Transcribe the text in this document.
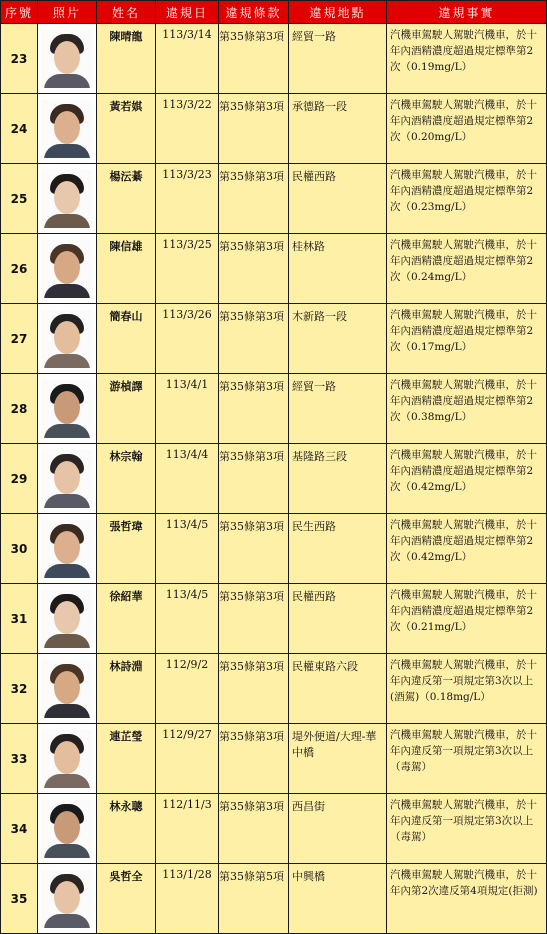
序號	照片	姓名	違規日	違規條款	違規地點	違規事實
23		陳晴龍	113/3/14	第35條第3項	經貿一路	汽機車駕駛人駕駛汽機車，於十年內酒精濃度超過規定標準第2次（0.19mg/L）
24		黃若娸	113/3/22	第35條第3項	承德路一段	汽機車駕駛人駕駛汽機車，於十年內酒精濃度超過規定標準第2次（0.20mg/L）
25		楊沄綦	113/3/23	第35條第3項	民權西路	汽機車駕駛人駕駛汽機車，於十年內酒精濃度超過規定標準第2次（0.23mg/L）
26		陳信雄	113/3/25	第35條第3項	桂林路	汽機車駕駛人駕駛汽機車，於十年內酒精濃度超過規定標準第2次（0.24mg/L）
27		簡春山	113/3/26	第35條第3項	木新路一段	汽機車駕駛人駕駛汽機車，於十年內酒精濃度超過規定標準第2次（0.17mg/L）
28		游楨譯	113/4/1	第35條第3項	經貿一路	汽機車駕駛人駕駛汽機車，於十年內酒精濃度超過規定標準第2次（0.38mg/L）
29		林宗翰	113/4/4	第35條第3項	基隆路三段	汽機車駕駛人駕駛汽機車，於十年內酒精濃度超過規定標準第2次（0.42mg/L）
30		張哲瑋	113/4/5	第35條第3項	民生西路	汽機車駕駛人駕駛汽機車，於十年內酒精濃度超過規定標準第2次（0.42mg/L）
31		徐紹華	113/4/5	第35條第3項	民權西路	汽機車駕駛人駕駛汽機車，於十年內酒精濃度超過規定標準第2次（0.21mg/L）
32		林詩淵	112/9/2	第35條第3項	民權東路六段	汽機車駕駛人駕駛汽機車，於十年內違反第一項規定第3次以上(酒駕)（0.18mg/L）
33		連芷瑩	112/9/27	第35條第3項	堤外便道/大理-華中橋	汽機車駕駛人駕駛汽機車，於十年內違反第一項規定第3次以上（毒駕）
34		林永聰	112/11/3	第35條第3項	西昌街	汽機車駕駛人駕駛汽機車，於十年內違反第一項規定第3次以上（毒駕）
35		吳哲全	113/1/28	第35條第5項	中興橋	汽機車駕駛人駕駛汽機車，於十年內第2次違反第4項規定(拒測)
